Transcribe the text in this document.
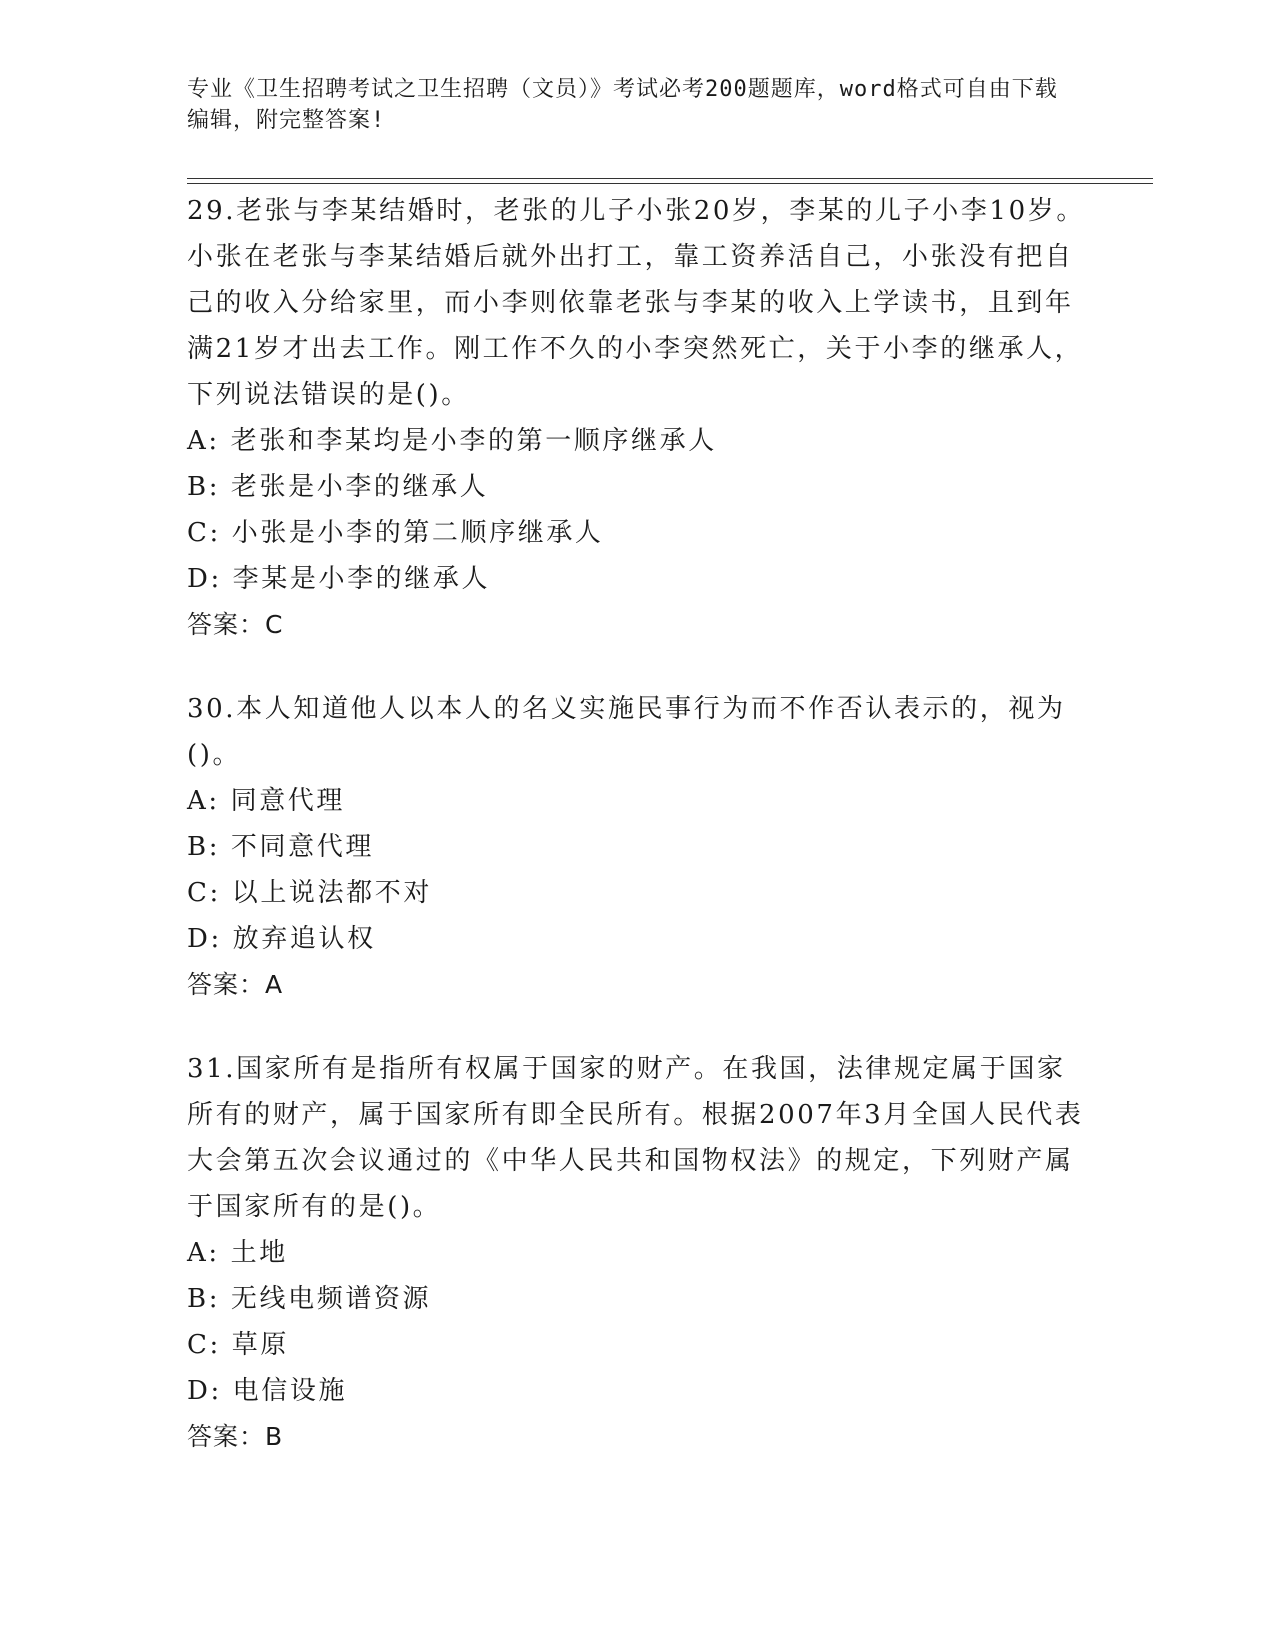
专业《卫生招聘考试之卫生招聘（文员）》考试必考200题题库，word格式可自由下载编辑，附完整答案!

29.老张与李某结婚时，老张的儿子小张20岁，李某的儿子小李10岁。小张在老张与李某结婚后就外出打工，靠工资养活自己，小张没有把自己的收入分给家里，而小李则依靠老张与李某的收入上学读书，且到年满21岁才出去工作。刚工作不久的小李突然死亡，关于小李的继承人，下列说法错误的是()。

A: 老张和李某均是小李的第一顺序继承人

B: 老张是小李的继承人

C: 小张是小李的第二顺序继承人

D: 李某是小李的继承人

答案：C

30.本人知道他人以本人的名义实施民事行为而不作否认表示的，视为()。

A: 同意代理

B: 不同意代理

C: 以上说法都不对

D: 放弃追认权

答案：A

31.国家所有是指所有权属于国家的财产。在我国，法律规定属于国家所有的财产，属于国家所有即全民所有。根据2007年3月全国人民代表大会第五次会议通过的《中华人民共和国物权法》的规定，下列财产属于国家所有的是()。

A: 土地

B: 无线电频谱资源

C: 草原

D: 电信设施

答案：B
